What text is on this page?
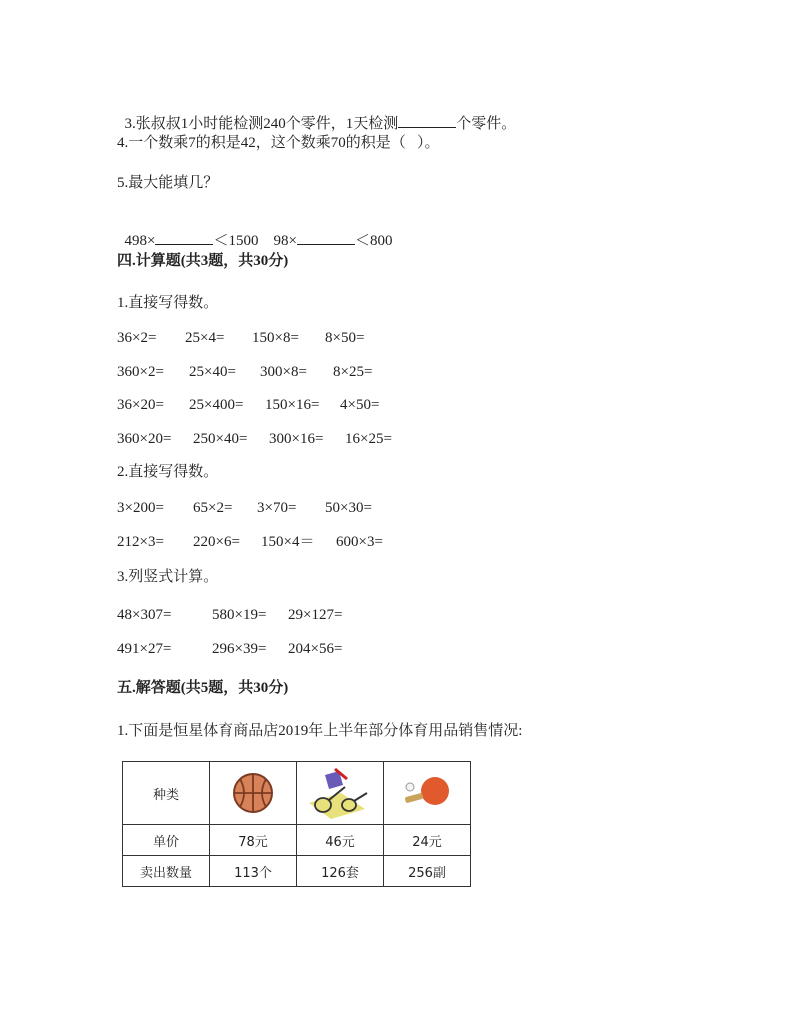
3.张叔叔1小时能检测240个零件，1天检测	个零件。

4.一个数乘7的积是42，这个数乘70的积是（   ）。
5.最大能填几？

498×	＜1500 98×	＜800

四.计算题(共3题，共30分)
1.直接写得数。
36×2= 25×4= 150×8= 8×50=
360×2= 25×40= 300×8= 8×25=
36×20= 25×400= 150×16= 4×50=
360×20= 250×40= 300×16= 16×25=
2.直接写得数。
3×200= 65×2= 3×70= 50×30=
212×3= 220×6= 150×4＝ 600×3=
3.列竖式计算。
48×307=	580×19= 29×127=
491×27=	296×39= 204×56=
五.解答题(共5题，共30分)
1.下面是恒星体育商品店2019年上半年部分体育用品销售情况:
种类	

单价	78元	46元	24元
卖出数量	113个	126套	256副
